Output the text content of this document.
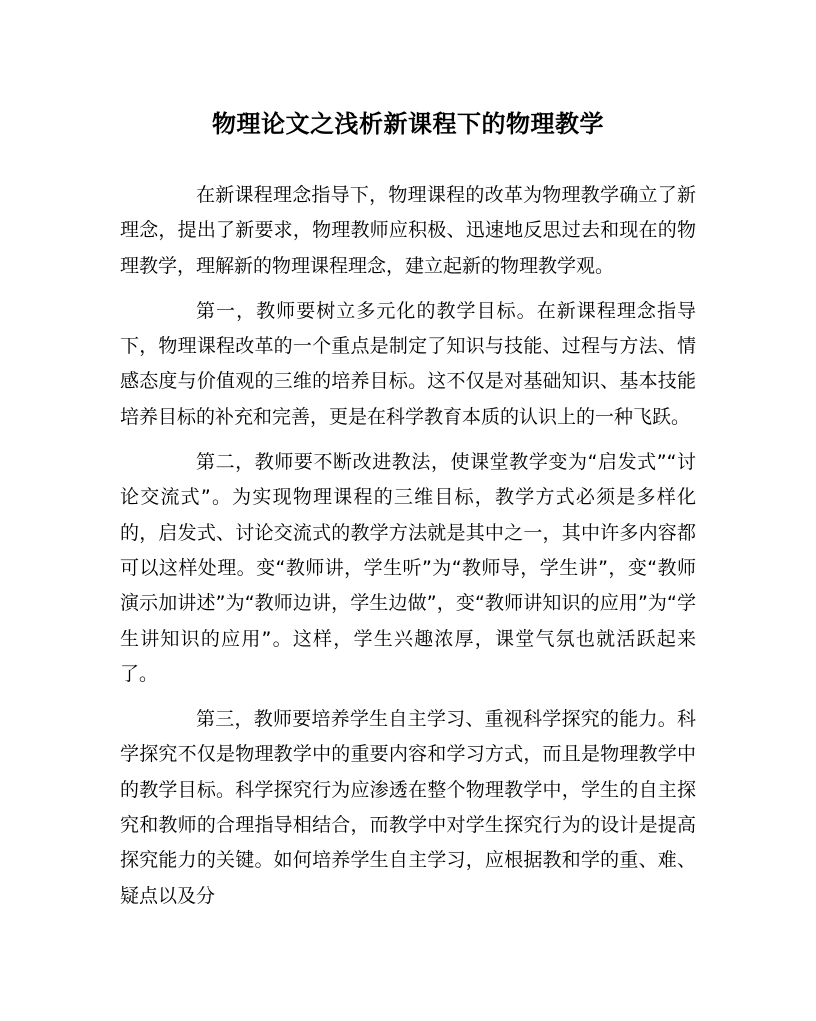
物理论文之浅析新课程下的物理教学

在新课程理念指导下，物理课程的改革为物理教学确立了新理念，提出了新要求，物理教师应积极、迅速地反思过去和现在的物理教学，理解新的物理课程理念，建立起新的物理教学观。

第一，教师要树立多元化的教学目标。在新课程理念指导下，物理课程改革的一个重点是制定了知识与技能、过程与方法、情感态度与价值观的三维的培养目标。这不仅是对基础知识、基本技能培养目标的补充和完善，更是在科学教育本质的认识上的一种飞跃。

第二，教师要不断改进教法，使课堂教学变为“启发式”“讨论交流式”。为实现物理课程的三维目标，教学方式必须是多样化的，启发式、讨论交流式的教学方法就是其中之一，其中许多内容都可以这样处理。变“教师讲，学生听”为“教师导，学生讲”，变“教师演示加讲述”为“教师边讲，学生边做”，变“教师讲知识的应用”为“学生讲知识的应用”。这样，学生兴趣浓厚，课堂气氛也就活跃起来了。

第三，教师要培养学生自主学习、重视科学探究的能力。科学探究不仅是物理教学中的重要内容和学习方式，而且是物理教学中的教学目标。科学探究行为应渗透在整个物理教学中，学生的自主探究和教师的合理指导相结合，而教学中对学生探究行为的设计是提高探究能力的关键。如何培养学生自主学习，应根据教和学的重、难、疑点以及分
